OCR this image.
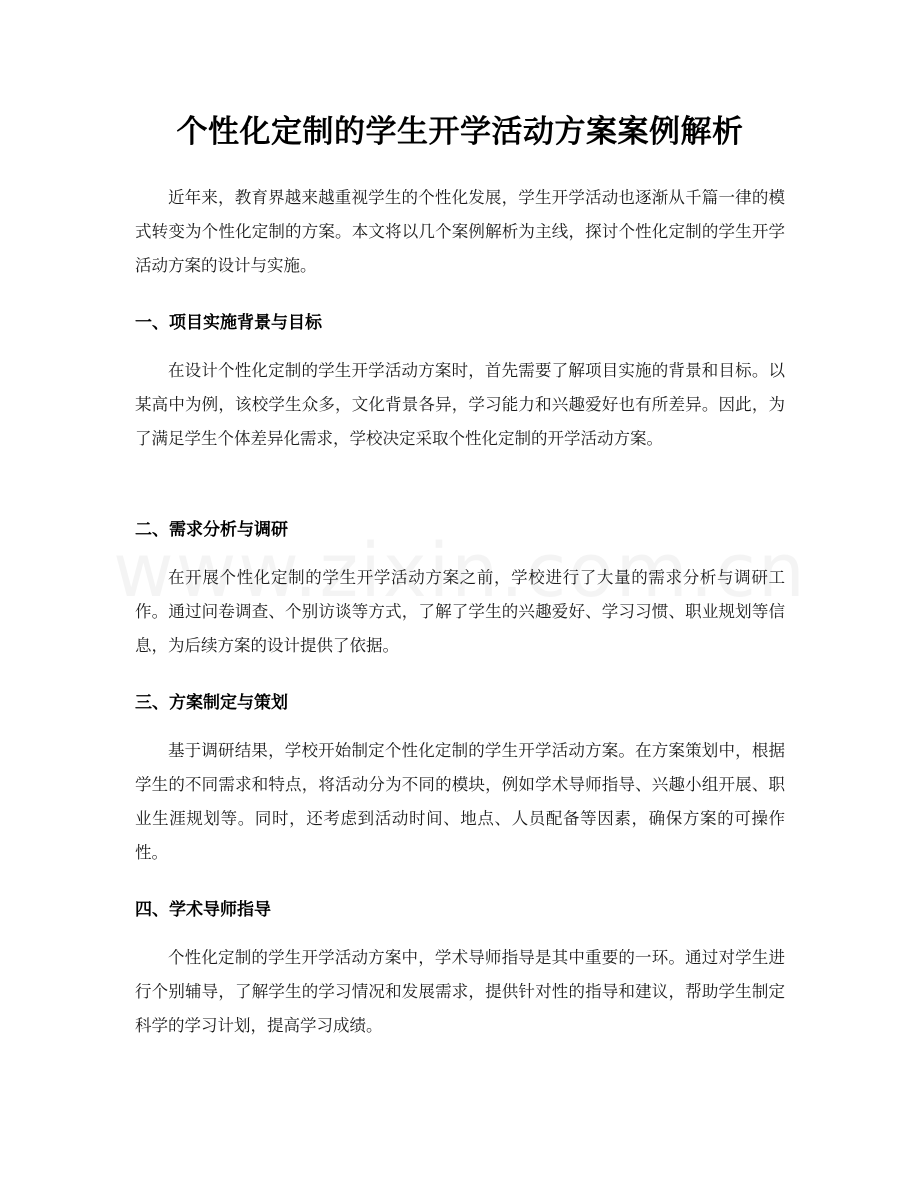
个性化定制的学生开学活动方案案例解析

近年来，教育界越来越重视学生的个性化发展，学生开学活动也逐渐从千篇一律的模式转变为个性化定制的方案。本文将以几个案例解析为主线，探讨个性化定制的学生开学活动方案的设计与实施。

一、项目实施背景与目标

在设计个性化定制的学生开学活动方案时，首先需要了解项目实施的背景和目标。以某高中为例，该校学生众多，文化背景各异，学习能力和兴趣爱好也有所差异。因此，为了满足学生个体差异化需求，学校决定采取个性化定制的开学活动方案。

二、需求分析与调研

在开展个性化定制的学生开学活动方案之前，学校进行了大量的需求分析与调研工作。通过问卷调查、个别访谈等方式，了解了学生的兴趣爱好、学习习惯、职业规划等信息，为后续方案的设计提供了依据。

三、方案制定与策划

基于调研结果，学校开始制定个性化定制的学生开学活动方案。在方案策划中，根据学生的不同需求和特点，将活动分为不同的模块，例如学术导师指导、兴趣小组开展、职业生涯规划等。同时，还考虑到活动时间、地点、人员配备等因素，确保方案的可操作性。

四、学术导师指导

个性化定制的学生开学活动方案中，学术导师指导是其中重要的一环。通过对学生进行个别辅导，了解学生的学习情况和发展需求，提供针对性的指导和建议，帮助学生制定科学的学习计划，提高学习成绩。
